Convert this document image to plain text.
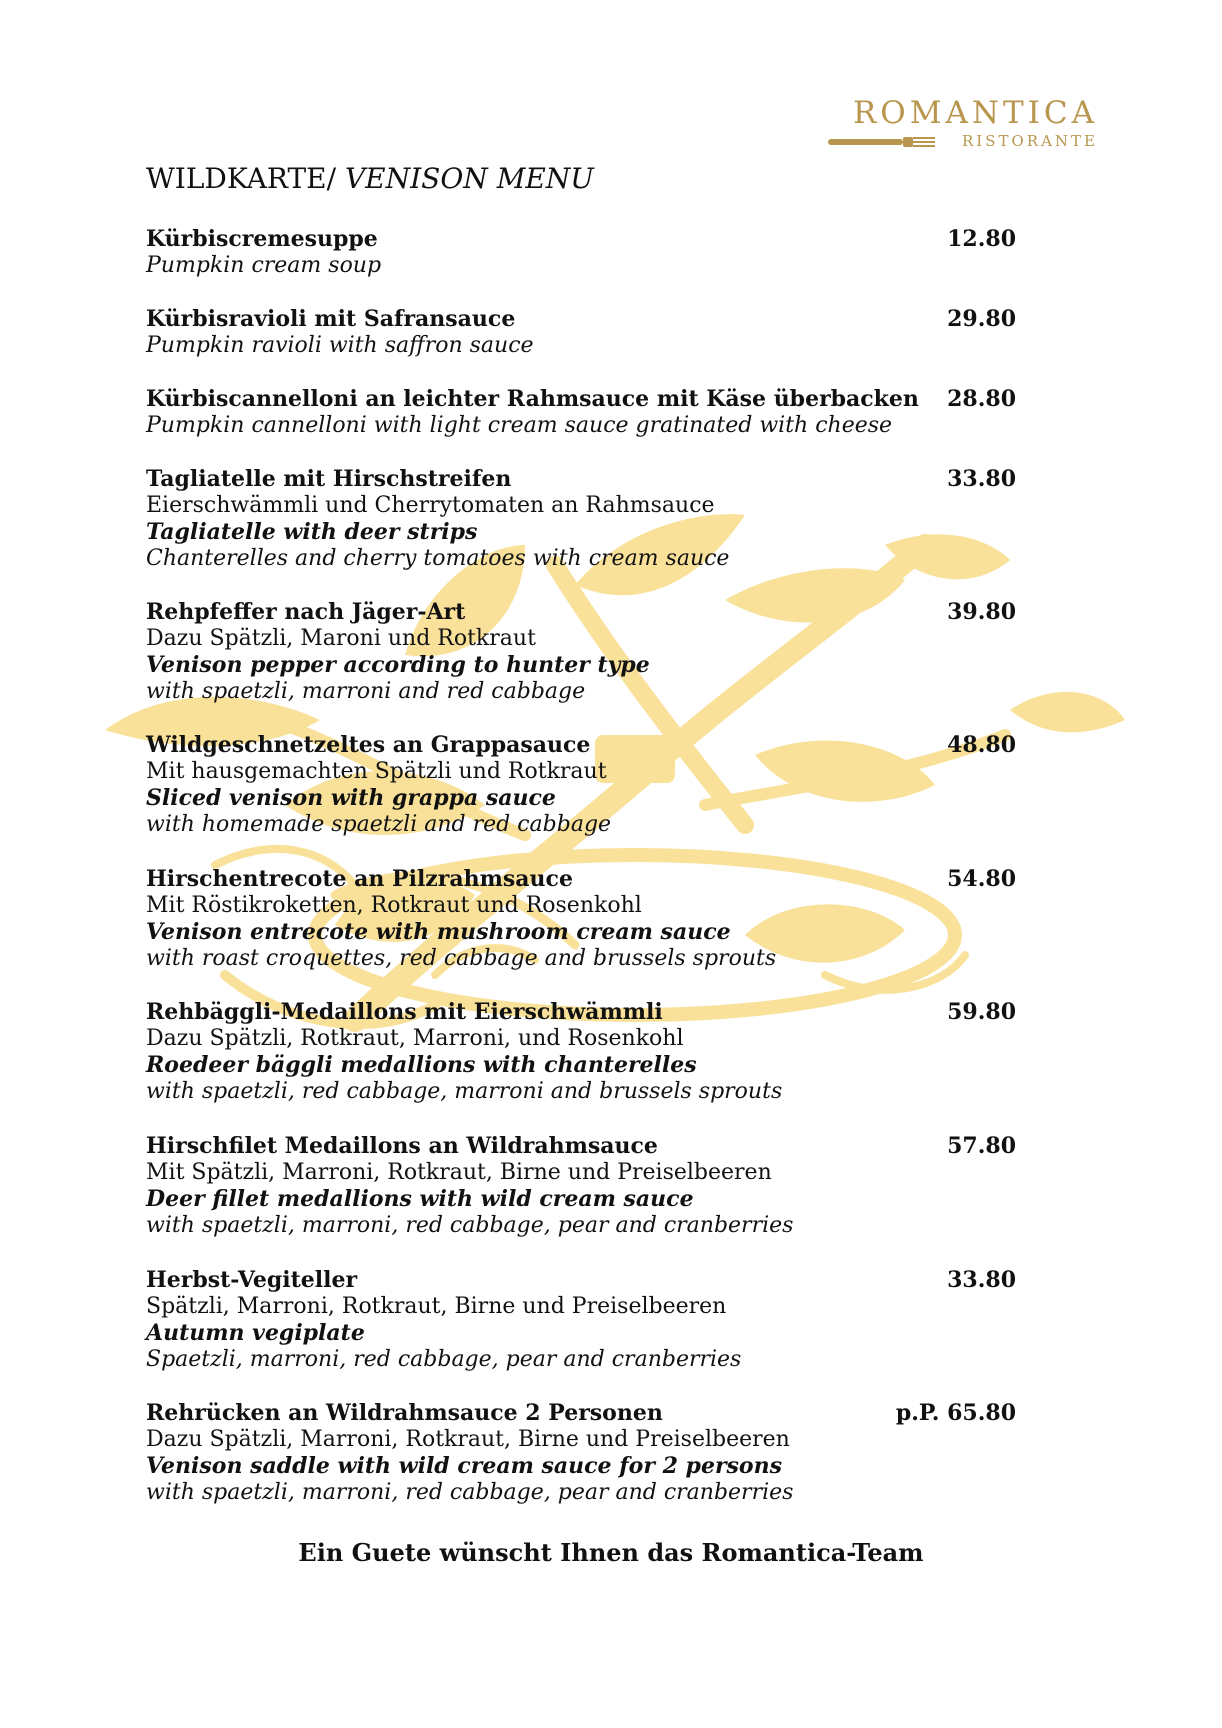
ROMANTICA
RISTORANTE
WILDKARTE/ VENISON MENU
Kürbiscremesuppe
Pumpkin cream soup
12.80
Kürbisravioli mit Safransauce
Pumpkin ravioli with saffron sauce
29.80
Kürbiscannelloni an leichter Rahmsauce mit Käse überbacken
Pumpkin cannelloni with light cream sauce gratinated with cheese
28.80
Tagliatelle mit Hirschstreifen
Eierschwämmli und Cherrytomaten an Rahmsauce
Tagliatelle with deer strips
Chanterelles and cherry tomatoes with cream sauce
33.80
Rehpfeffer nach Jäger-Art
Dazu Spätzli, Maroni und Rotkraut
Venison pepper according to hunter type
with spaetzli, marroni and red cabbage
39.80
Wildgeschnetzeltes an Grappasauce
Mit hausgemachten Spätzli und Rotkraut
Sliced venison with grappa sauce
with homemade spaetzli and red cabbage
48.80
Hirschentrecote an Pilzrahmsauce
Mit Röstikroketten, Rotkraut und Rosenkohl
Venison entrecote with mushroom cream sauce
with roast croquettes, red cabbage and brussels sprouts
54.80
Rehbäggli-Medaillons mit Eierschwämmli
Dazu Spätzli, Rotkraut, Marroni, und Rosenkohl
Roedeer bäggli medallions with chanterelles
with spaetzli, red cabbage, marroni and brussels sprouts
59.80
Hirschfilet Medaillons an Wildrahmsauce
Mit Spätzli, Marroni, Rotkraut, Birne und Preiselbeeren
Deer fillet medallions with wild cream sauce
with spaetzli, marroni, red cabbage, pear and cranberries
57.80
Herbst-Vegiteller
Spätzli, Marroni, Rotkraut, Birne und Preiselbeeren
Autumn vegiplate
Spaetzli, marroni, red cabbage, pear and cranberries
33.80
Rehrücken an Wildrahmsauce 2 Personen
Dazu Spätzli, Marroni, Rotkraut, Birne und Preiselbeeren
Venison saddle with wild cream sauce for 2 persons
with spaetzli, marroni, red cabbage, pear and cranberries
p.P. 65.80
Ein Guete wünscht Ihnen das Romantica-Team
